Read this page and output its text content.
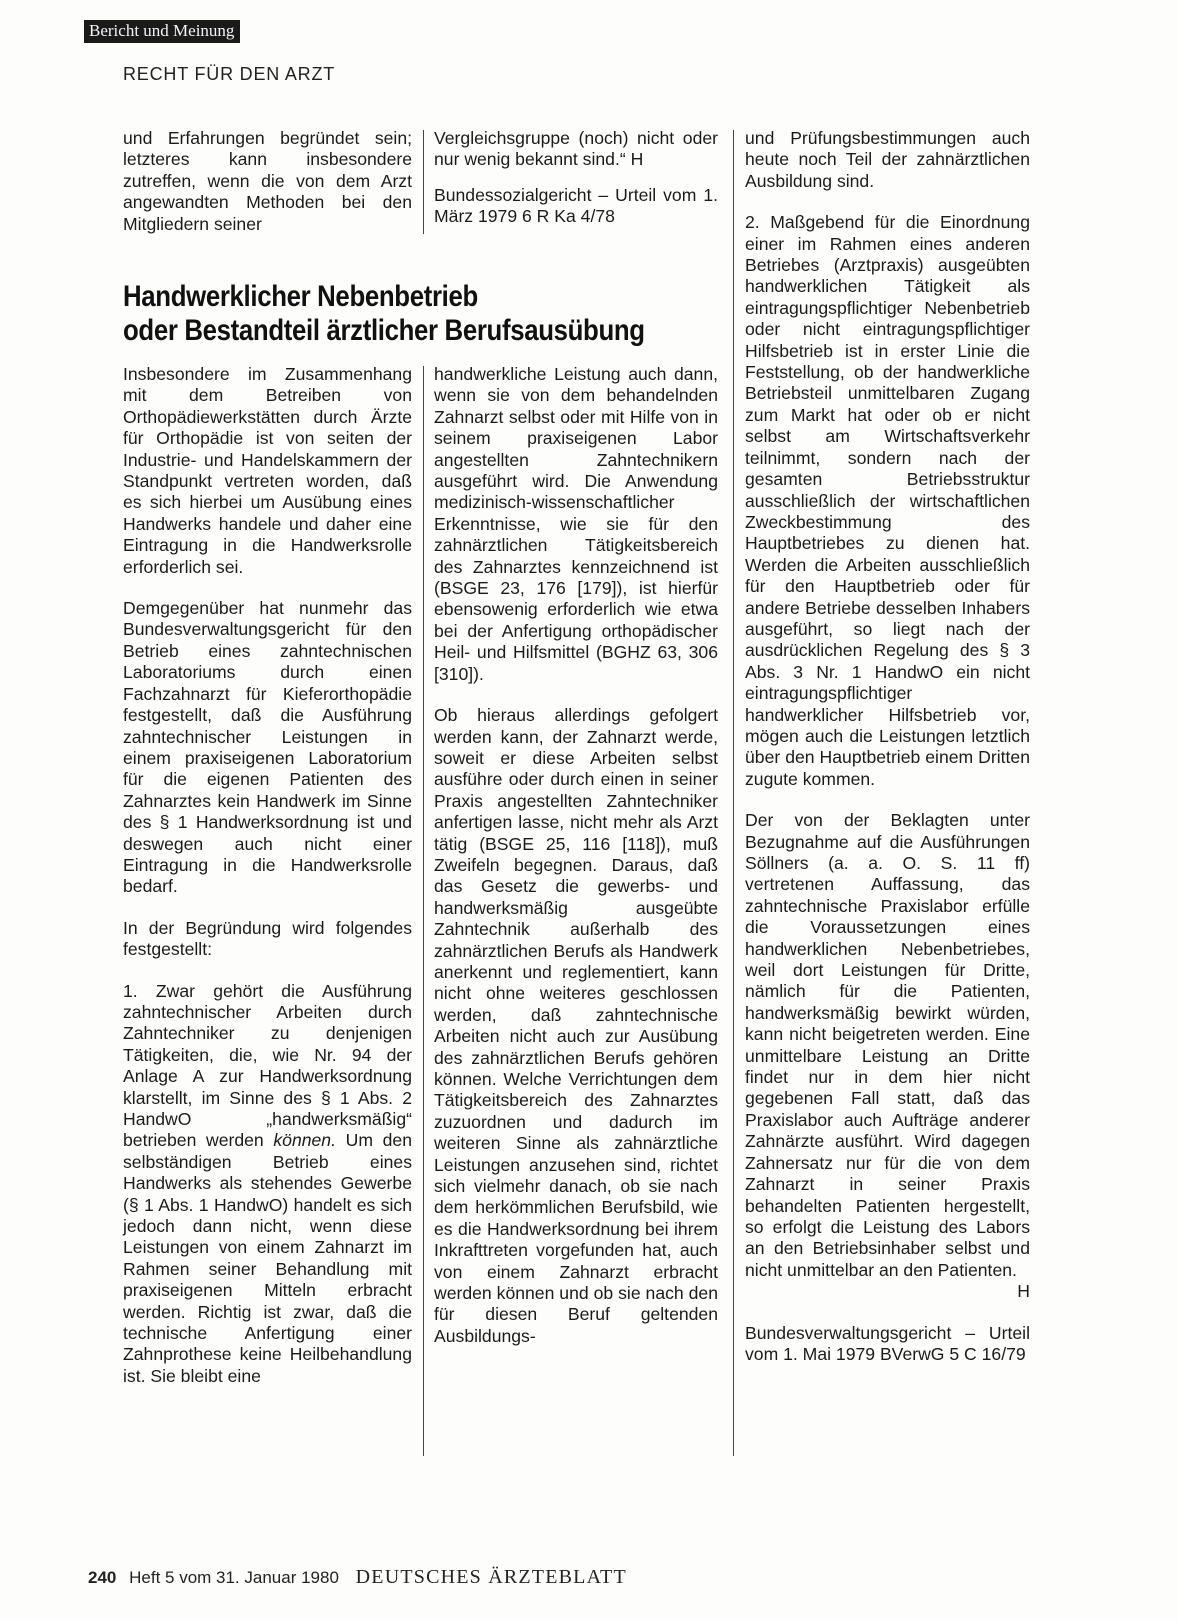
Bericht und Meinung
RECHT FÜR DEN ARZT

und Erfahrungen begründet sein; letzteres kann insbesondere zutreffen, wenn die von dem Arzt angewandten Methoden bei den Mitgliedern seiner

Vergleichsgruppe (noch) nicht oder nur wenig bekannt sind.“ H

Bundessozialgericht – Urteil vom 1. März 1979 6 R Ka 4/78

Handwerklicher Nebenbetrieb
oder Bestandteil ärztlicher Berufsausübung

Insbesondere im Zusammenhang mit dem Betreiben von Orthopädiewerkstätten durch Ärzte für Orthopädie ist von seiten der Industrie- und Handelskammern der Standpunkt vertreten worden, daß es sich hierbei um Ausübung eines Handwerks handele und daher eine Eintragung in die Handwerksrolle erforderlich sei.

Demgegenüber hat nunmehr das Bundesverwaltungsgericht für den Betrieb eines zahntechnischen Laboratoriums durch einen Fachzahnarzt für Kieferorthopädie festgestellt, daß die Ausführung zahntechnischer Leistungen in einem praxiseigenen Laboratorium für die eigenen Patienten des Zahnarztes kein Handwerk im Sinne des § 1 Handwerksordnung ist und deswegen auch nicht einer Eintragung in die Handwerksrolle bedarf.

In der Begründung wird folgendes festgestellt:

1. Zwar gehört die Ausführung zahntechnischer Arbeiten durch Zahntechniker zu denjenigen Tätigkeiten, die, wie Nr. 94 der Anlage A zur Handwerksordnung klarstellt, im Sinne des § 1 Abs. 2 HandwO „handwerksmäßig“ betrieben werden können. Um den selbständigen Betrieb eines Handwerks als stehendes Gewerbe (§ 1 Abs. 1 HandwO) handelt es sich jedoch dann nicht, wenn diese Leistungen von einem Zahnarzt im Rahmen seiner Behandlung mit praxiseigenen Mitteln erbracht werden. Richtig ist zwar, daß die technische Anfertigung einer Zahnprothese keine Heilbehandlung ist. Sie bleibt eine

handwerkliche Leistung auch dann, wenn sie von dem behandelnden Zahnarzt selbst oder mit Hilfe von in seinem praxiseigenen Labor angestellten Zahntechnikern ausgeführt wird. Die Anwendung medizinisch-wissenschaftlicher Erkenntnisse, wie sie für den zahnärztlichen Tätigkeitsbereich des Zahnarztes kennzeichnend ist (BSGE 23, 176 [179]), ist hierfür ebensowenig erforderlich wie etwa bei der Anfertigung orthopädischer Heil- und Hilfsmittel (BGHZ 63, 306 [310]).

Ob hieraus allerdings gefolgert werden kann, der Zahnarzt werde, soweit er diese Arbeiten selbst ausführe oder durch einen in seiner Praxis angestellten Zahntechniker anfertigen lasse, nicht mehr als Arzt tätig (BSGE 25, 116 [118]), muß Zweifeln begegnen. Daraus, daß das Gesetz die gewerbs- und handwerksmäßig ausgeübte Zahntechnik außerhalb des zahnärztlichen Berufs als Handwerk anerkennt und reglementiert, kann nicht ohne weiteres geschlossen werden, daß zahntechnische Arbeiten nicht auch zur Ausübung des zahnärztlichen Berufs gehören können. Welche Verrichtungen dem Tätigkeitsbereich des Zahnarztes zuzuordnen und dadurch im weiteren Sinne als zahnärztliche Leistungen anzusehen sind, richtet sich vielmehr danach, ob sie nach dem herkömmlichen Berufsbild, wie es die Handwerksordnung bei ihrem Inkrafttreten vorgefunden hat, auch von einem Zahnarzt erbracht werden können und ob sie nach den für diesen Beruf geltenden Ausbildungs-

und Prüfungsbestimmungen auch heute noch Teil der zahnärztlichen Ausbildung sind.

2. Maßgebend für die Einordnung einer im Rahmen eines anderen Betriebes (Arztpraxis) ausgeübten handwerklichen Tätigkeit als eintragungspflichtiger Nebenbetrieb oder nicht eintragungspflichtiger Hilfsbetrieb ist in erster Linie die Feststellung, ob der handwerkliche Betriebsteil unmittelbaren Zugang zum Markt hat oder ob er nicht selbst am Wirtschaftsverkehr teilnimmt, sondern nach der gesamten Betriebsstruktur ausschließlich der wirtschaftlichen Zweckbestimmung des Hauptbetriebes zu dienen hat. Werden die Arbeiten ausschließlich für den Hauptbetrieb oder für andere Betriebe desselben Inhabers ausgeführt, so liegt nach der ausdrücklichen Regelung des § 3 Abs. 3 Nr. 1 HandwO ein nicht eintragungspflichtiger handwerklicher Hilfsbetrieb vor, mögen auch die Leistungen letztlich über den Hauptbetrieb einem Dritten zugute kommen.

Der von der Beklagten unter Bezugnahme auf die Ausführungen Söllners (a. a. O. S. 11 ff) vertretenen Auffassung, das zahntechnische Praxislabor erfülle die Voraussetzungen eines handwerklichen Nebenbetriebes, weil dort Leistungen für Dritte, nämlich für die Patienten, handwerksmäßig bewirkt würden, kann nicht beigetreten werden. Eine unmittelbare Leistung an Dritte findet nur in dem hier nicht gegebenen Fall statt, daß das Praxislabor auch Aufträge anderer Zahnärzte ausführt. Wird dagegen Zahnersatz nur für die von dem Zahnarzt in seiner Praxis behandelten Patienten hergestellt, so erfolgt die Leistung des Labors an den Betriebsinhaber selbst und nicht unmittelbar an den Patienten.

H

Bundesverwaltungsgericht – Urteil vom 1. Mai 1979 BVerwG 5 C 16/79

240 Heft 5 vom 31. Januar 1980 DEUTSCHES ÄRZTEBLATT
